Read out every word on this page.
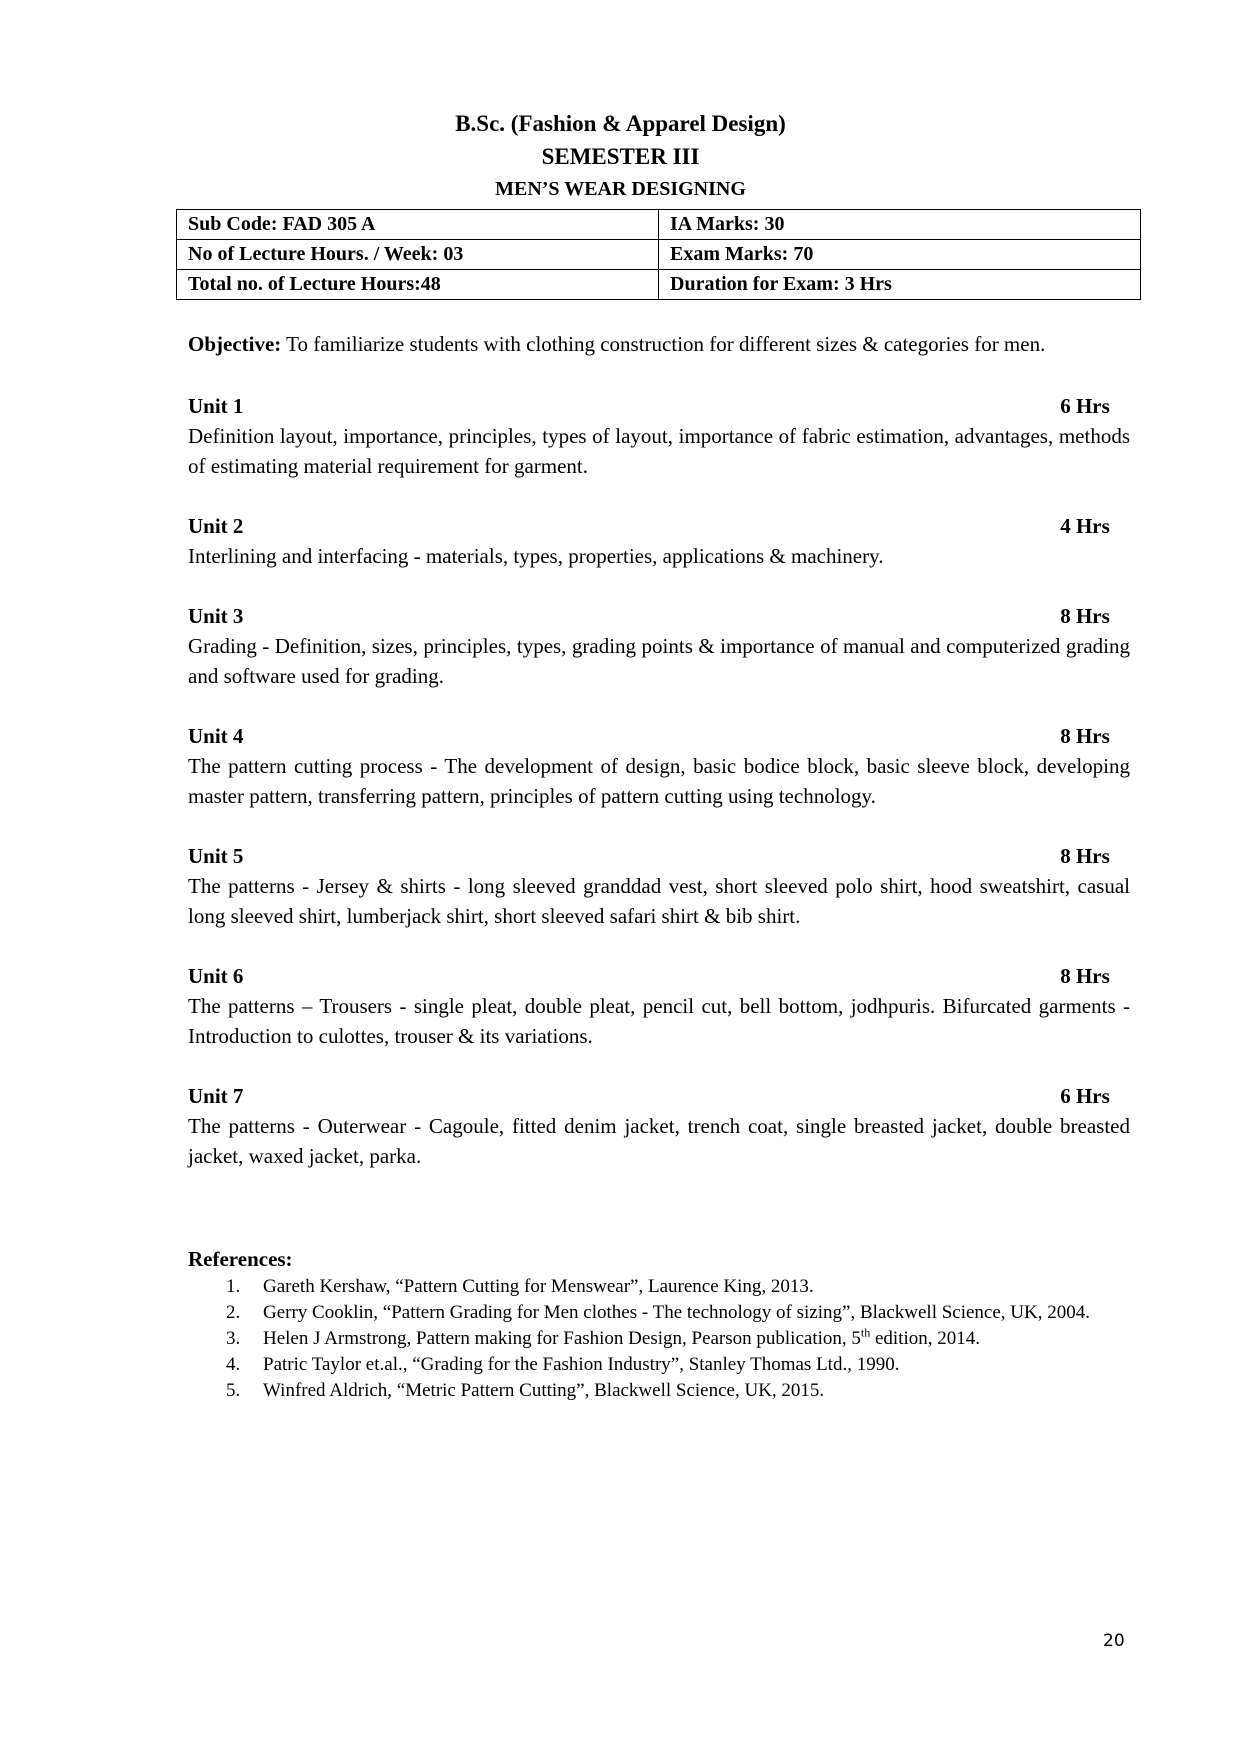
B.Sc. (Fashion & Apparel Design)
SEMESTER III
MEN’S WEAR DESIGNING
Sub Code: FAD 305 A	IA Marks: 30
No of Lecture Hours. / Week: 03	Exam Marks: 70
Total no. of Lecture Hours:48	Duration for Exam: 3 Hrs
Objective: To familiarize students with clothing construction for different sizes & categories for men.
Unit 1	6 Hrs
Definition layout, importance, principles, types of layout, importance of fabric estimation, advantages, methods of estimating material requirement for garment.
Unit 2	4 Hrs
Interlining and interfacing - materials, types, properties, applications & machinery.
Unit 3	8 Hrs
Grading - Definition, sizes, principles, types, grading points & importance of manual and computerized grading and software used for grading.
Unit 4	8 Hrs
The pattern cutting process - The development of design, basic bodice block, basic sleeve block, developing master pattern, transferring pattern, principles of pattern cutting using technology.
Unit 5	8 Hrs
The patterns - Jersey & shirts - long sleeved granddad vest, short sleeved polo shirt, hood sweatshirt, casual long sleeved shirt, lumberjack shirt, short sleeved safari shirt & bib shirt.
Unit 6	8 Hrs
The patterns – Trousers - single pleat, double pleat, pencil cut, bell bottom, jodhpuris. Bifurcated garments - Introduction to culottes, trouser & its variations.
Unit 7	6 Hrs
The patterns - Outerwear - Cagoule, fitted denim jacket, trench coat, single breasted jacket, double breasted jacket, waxed jacket, parka.
References:
1. Gareth Kershaw, “Pattern Cutting for Menswear”, Laurence King, 2013.
2. Gerry Cooklin, “Pattern Grading for Men clothes - The technology of sizing”, Blackwell Science, UK, 2004.
3. Helen J Armstrong, Pattern making for Fashion Design, Pearson publication, 5th edition, 2014.
4. Patric Taylor et.al., “Grading for the Fashion Industry”, Stanley Thomas Ltd., 1990.
5. Winfred Aldrich, “Metric Pattern Cutting”, Blackwell Science, UK, 2015.
20
